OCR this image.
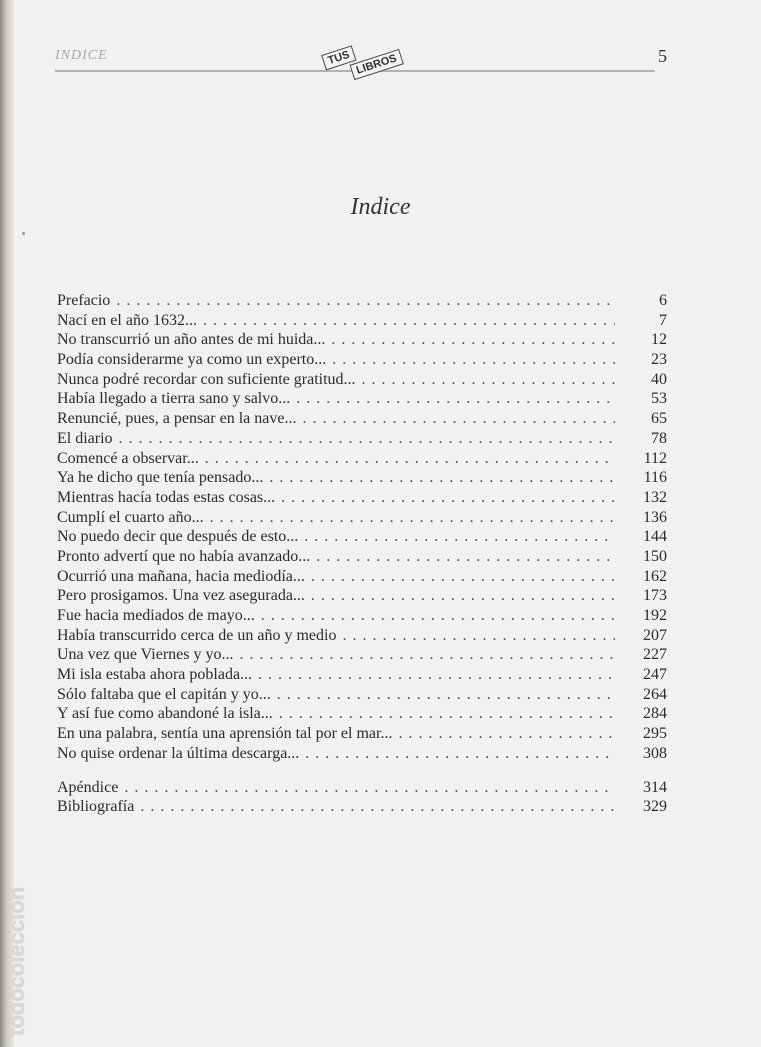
INDICE	TUS LIBROS	5
Indice
Prefacio . . .	6
Nací en el año 1632... . . .	7
No transcurrió un año antes de mi huida... . . .	12
Podía considerarme ya como un experto... . . .	23
Nunca podré recordar con suficiente gratitud... . . .	40
Había llegado a tierra sano y salvo... . . .	53
Renuncié, pues, a pensar en la nave... . . .	65
El diario . . .	78
Comencé a observar... . . .	112
Ya he dicho que tenía pensado... . . .	116
Mientras hacía todas estas cosas... . . .	132
Cumplí el cuarto año... . . .	136
No puedo decir que después de esto... . . .	144
Pronto advertí que no había avanzado... . . .	150
Ocurrió una mañana, hacia mediodía... . . .	162
Pero prosigamos. Una vez asegurada... . . .	173
Fue hacia mediados de mayo... . . .	192
Había transcurrido cerca de un año y medio . . .	207
Una vez que Viernes y yo... . . .	227
Mi isla estaba ahora poblada... . . .	247
Sólo faltaba que el capitán y yo... . . .	264
Y así fue como abandoné la isla... . . .	284
En una palabra, sentía una aprensión tal por el mar... . . .	295
No quise ordenar la última descarga... . . .	308
Apéndice . . .	314
Bibliografía . . .	329
todocoleccion
